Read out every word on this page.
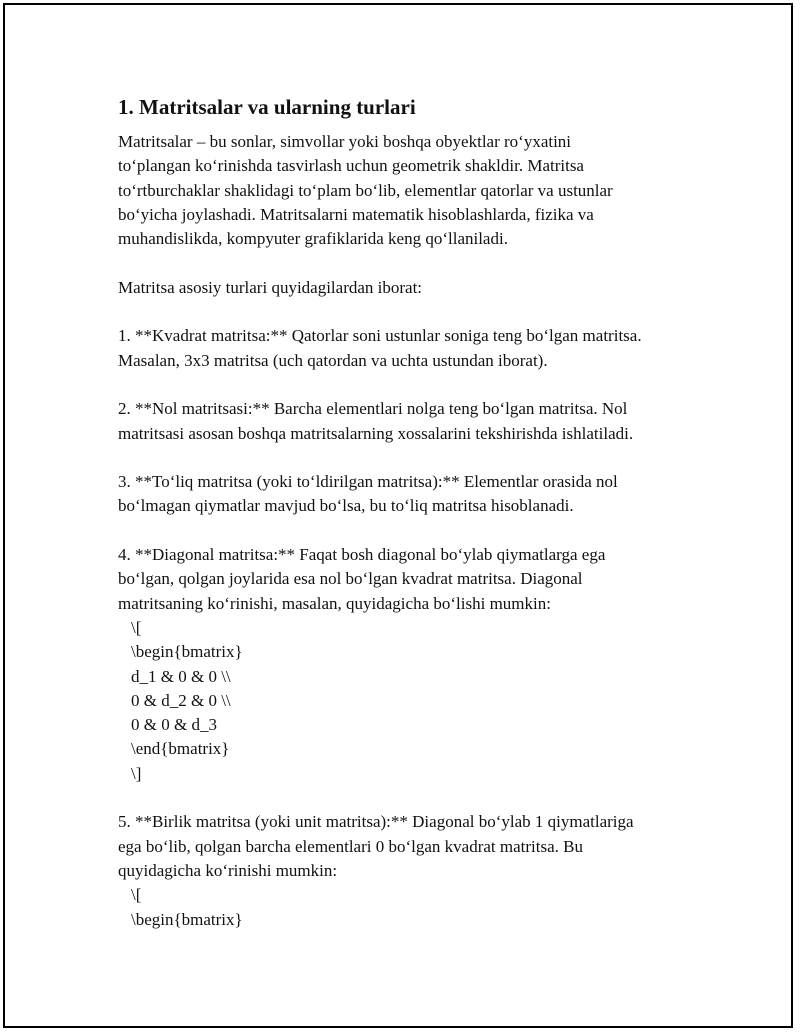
1. Matritsalar va ularning turlari
Matritsalar – bu sonlar, simvollar yoki boshqa obyektlar ro‘yxatini
to‘plangan ko‘rinishda tasvirlash uchun geometrik shakldir. Matritsa
to‘rtburchaklar shaklidagi to‘plam bo‘lib, elementlar qatorlar va ustunlar
bo‘yicha joylashadi. Matritsalarni matematik hisoblashlarda, fizika va
muhandislikda, kompyuter grafiklarida keng qo‘llaniladi.
Matritsa asosiy turlari quyidagilardan iborat:
1. **Kvadrat matritsa:** Qatorlar soni ustunlar soniga teng bo‘lgan matritsa.
Masalan, 3x3 matritsa (uch qatordan va uchta ustundan iborat).
2. **Nol matritsasi:** Barcha elementlari nolga teng bo‘lgan matritsa. Nol
matritsasi asosan boshqa matritsalarning xossalarini tekshirishda ishlatiladi.
3. **To‘liq matritsa (yoki to‘ldirilgan matritsa):** Elementlar orasida nol
bo‘lmagan qiymatlar mavjud bo‘lsa, bu to‘liq matritsa hisoblanadi.
4. **Diagonal matritsa:** Faqat bosh diagonal bo‘ylab qiymatlarga ega
bo‘lgan, qolgan joylarida esa nol bo‘lgan kvadrat matritsa. Diagonal
matritsaning ko‘rinishi, masalan, quyidagicha bo‘lishi mumkin:
\[
\begin{bmatrix}
d_1 & 0 & 0 \\
0 & d_2 & 0 \\
0 & 0 & d_3
\end{bmatrix}
\]
5. **Birlik matritsa (yoki unit matritsa):** Diagonal bo‘ylab 1 qiymatlariga
ega bo‘lib, qolgan barcha elementlari 0 bo‘lgan kvadrat matritsa. Bu
quyidagicha ko‘rinishi mumkin:
\[
\begin{bmatrix}
